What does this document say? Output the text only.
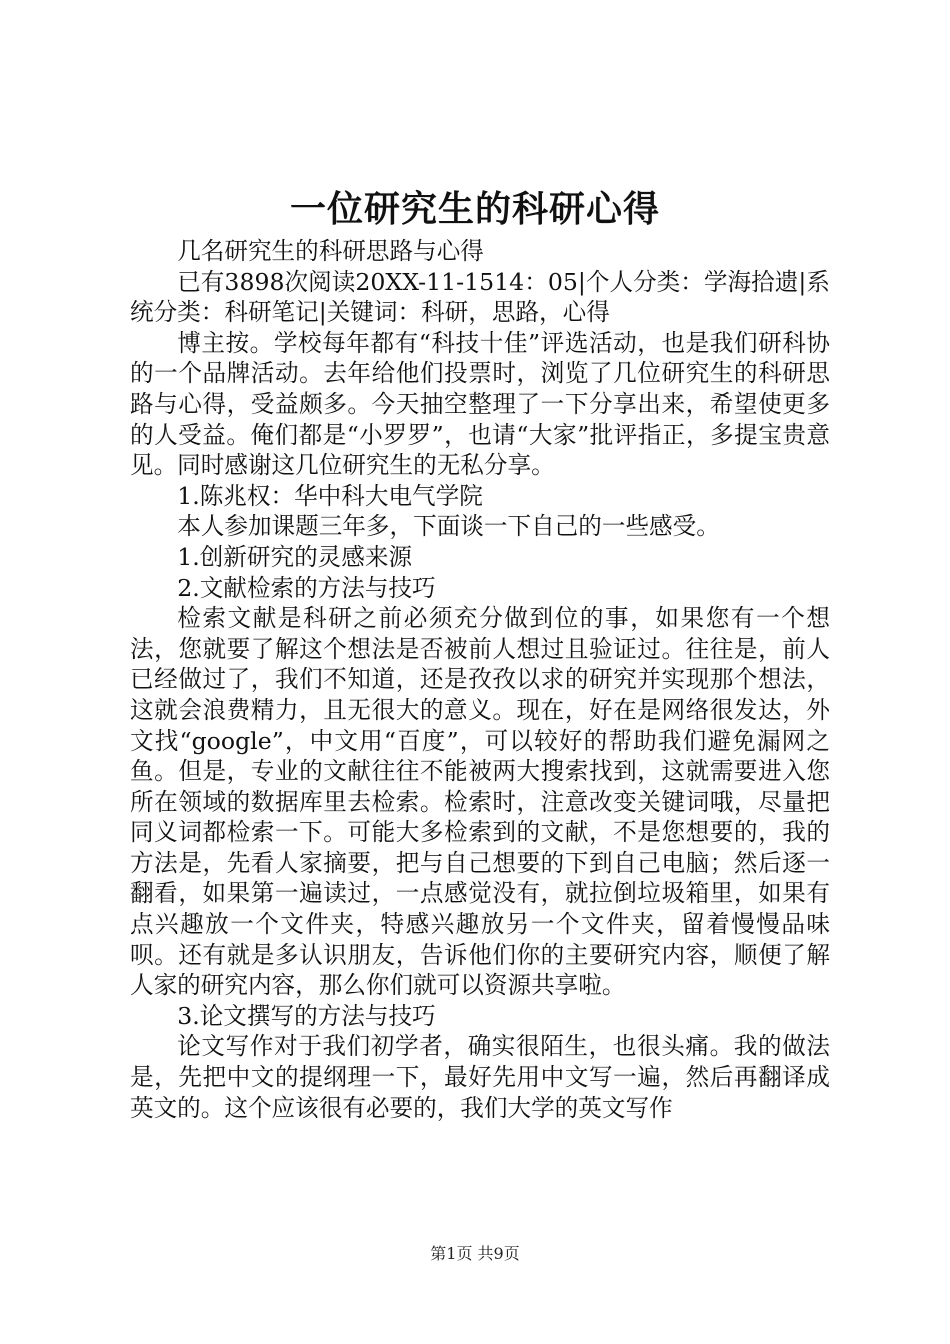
一位研究生的科研心得

几名研究生的科研思路与心得

已有3898次阅读20XX-11-1514：05|个人分类：学海拾遗|系统分类：科研笔记|关键词：科研，思路，心得

博主按。学校每年都有“科技十佳”评选活动，也是我们研科协的一个品牌活动。去年给他们投票时，浏览了几位研究生的科研思路与心得，受益颇多。今天抽空整理了一下分享出来，希望使更多的人受益。俺们都是“小罗罗”，也请“大家”批评指正，多提宝贵意见。同时感谢这几位研究生的无私分享。

1.陈兆权：华中科大电气学院

本人参加课题三年多，下面谈一下自己的一些感受。

1.创新研究的灵感来源

2.文献检索的方法与技巧

检索文献是科研之前必须充分做到位的事，如果您有一个想法，您就要了解这个想法是否被前人想过且验证过。往往是，前人已经做过了，我们不知道，还是孜孜以求的研究并实现那个想法，这就会浪费精力，且无很大的意义。现在，好在是网络很发达，外文找“google”，中文用“百度”，可以较好的帮助我们避免漏网之鱼。但是，专业的文献往往不能被两大搜索找到，这就需要进入您所在领域的数据库里去检索。检索时，注意改变关键词哦，尽量把同义词都检索一下。可能大多检索到的文献，不是您想要的，我的方法是，先看人家摘要，把与自己想要的下到自己电脑；然后逐一翻看，如果第一遍读过，一点感觉没有，就拉倒垃圾箱里，如果有点兴趣放一个文件夹，特感兴趣放另一个文件夹，留着慢慢品味呗。还有就是多认识朋友，告诉他们你的主要研究内容，顺便了解人家的研究内容，那么你们就可以资源共享啦。

3.论文撰写的方法与技巧

论文写作对于我们初学者，确实很陌生，也很头痛。我的做法是，先把中文的提纲理一下，最好先用中文写一遍，然后再翻译成英文的。这个应该很有必要的，我们大学的英文写作

第1页 共9页
